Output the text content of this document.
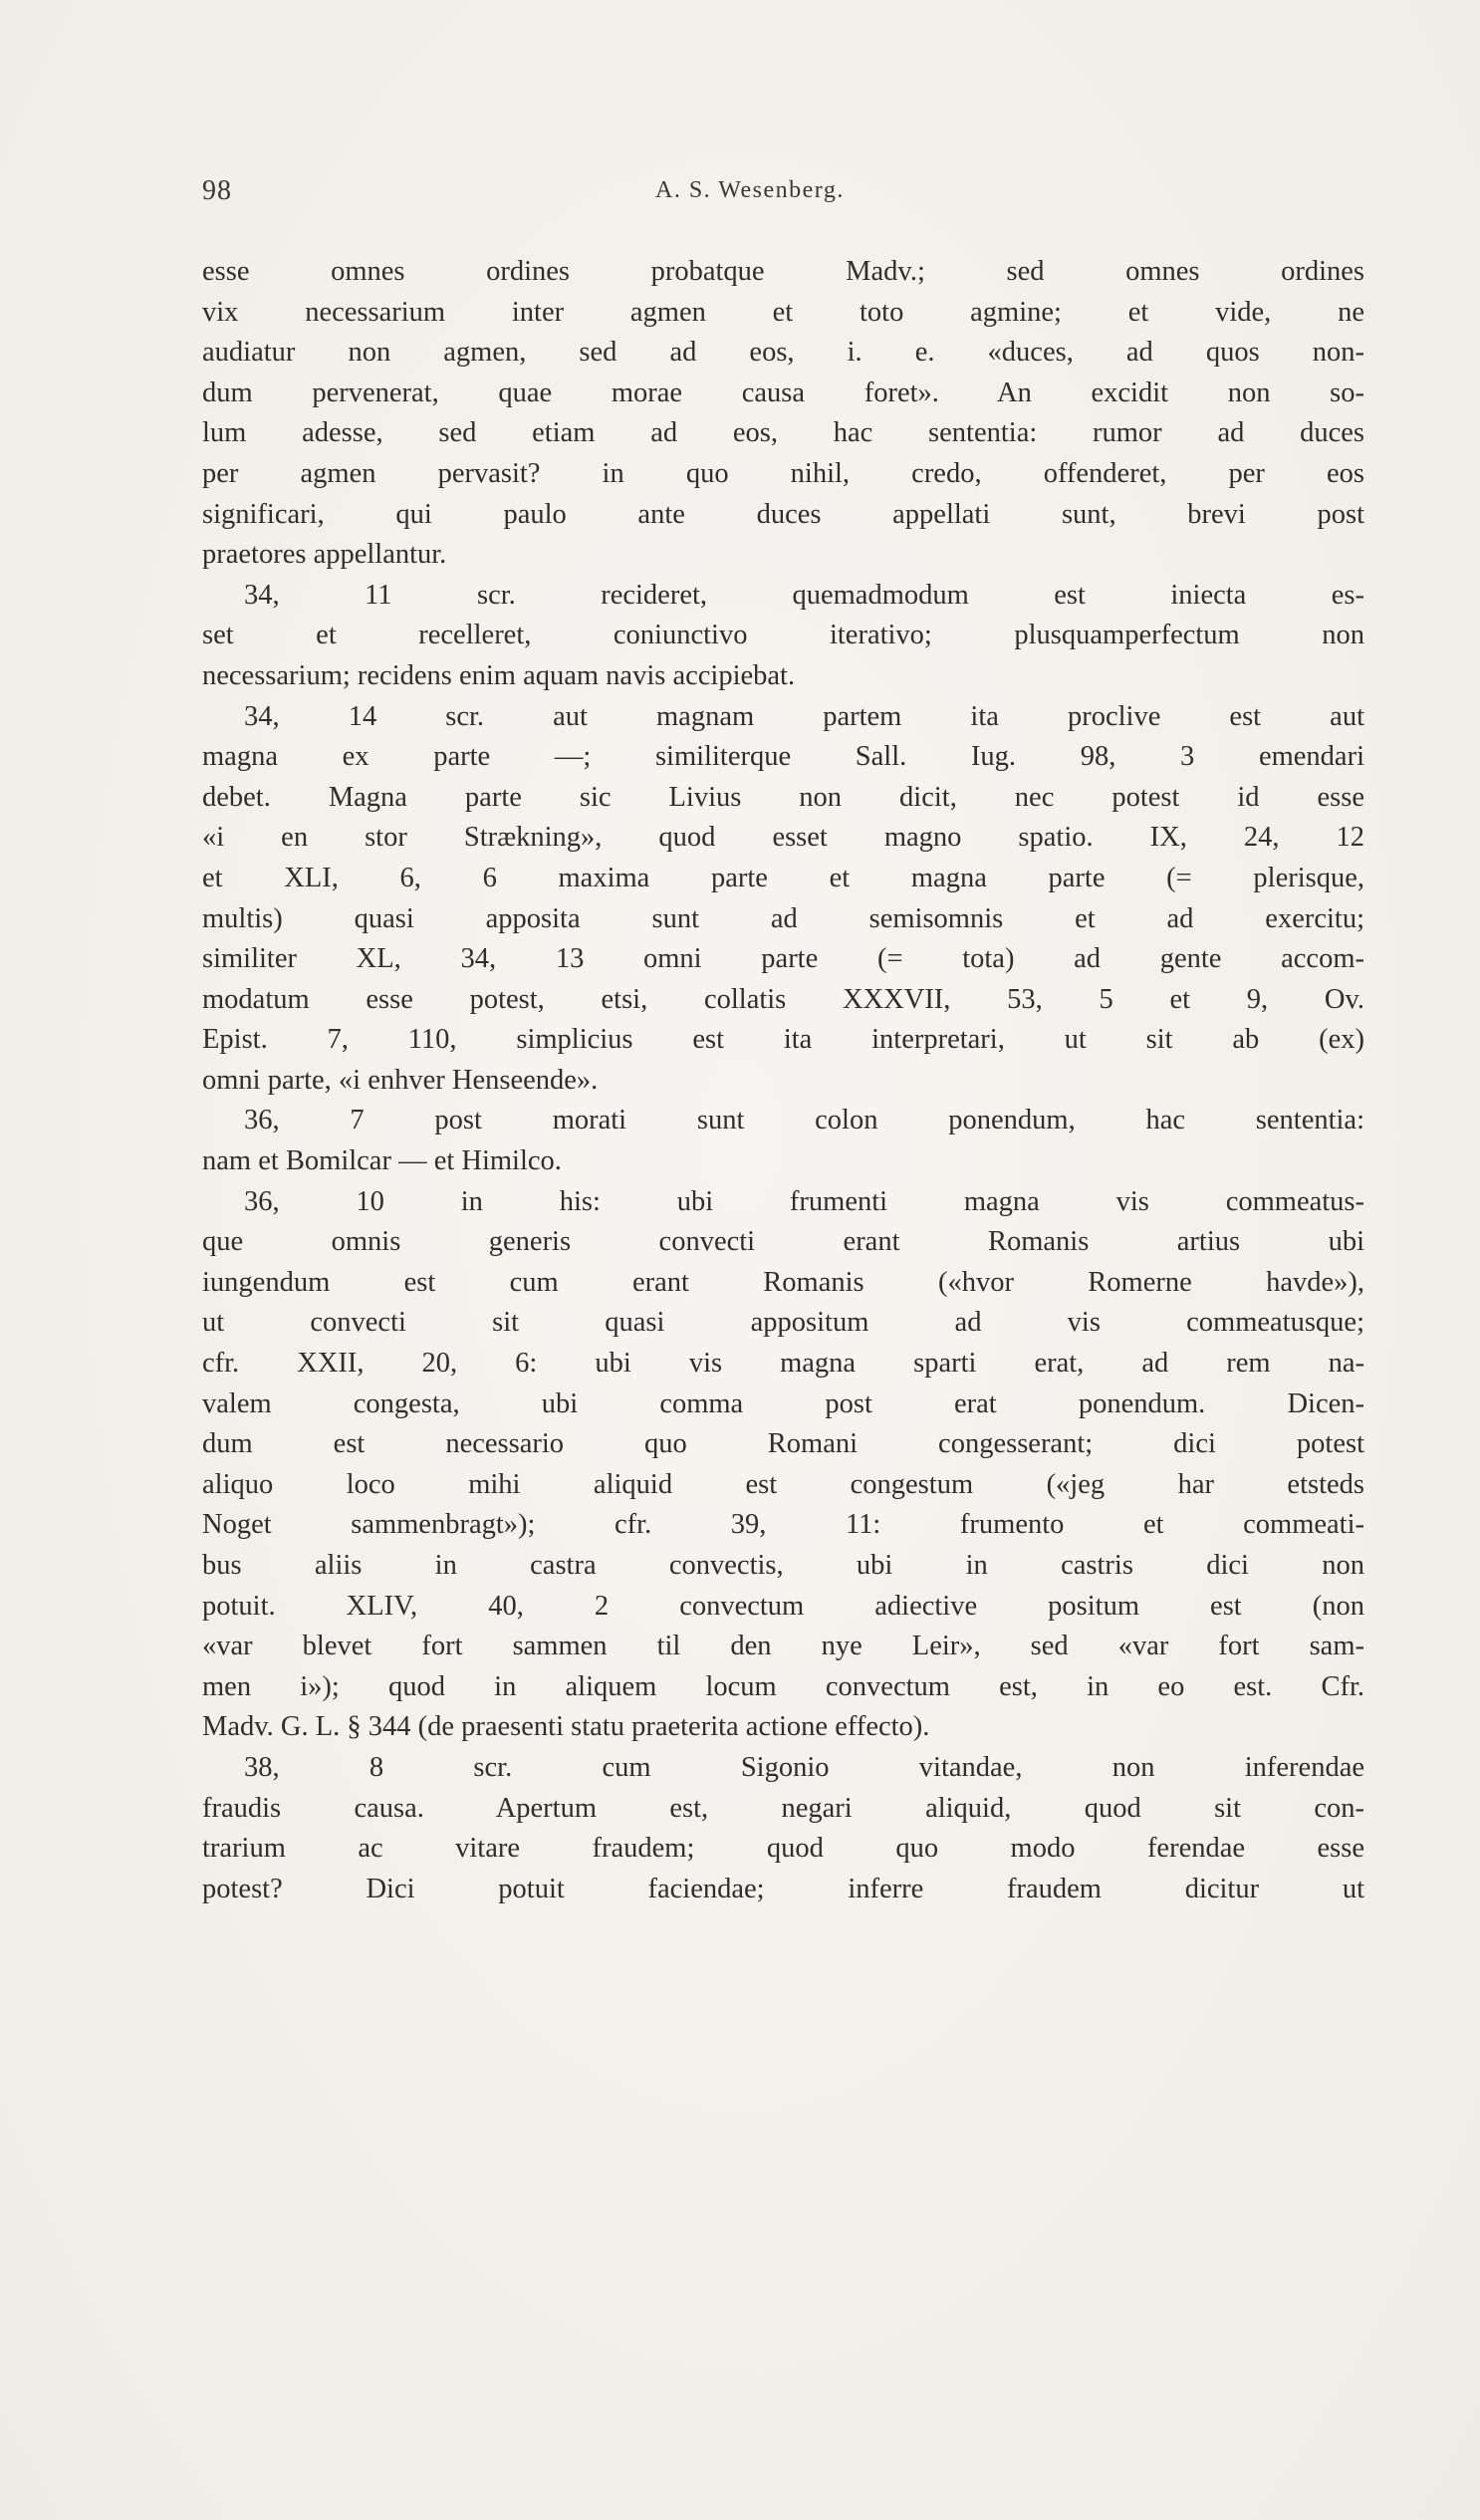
98	A. S. Wesenberg.
esse omnes ordines probatque Madv.; sed omnes ordines
vix necessarium inter agmen et toto agmine; et vide, ne
audiatur non agmen, sed ad eos, i. e. «duces, ad quos non-
dum pervenerat, quae morae causa foret». An excidit non so-
lum adesse, sed etiam ad eos, hac sententia: rumor ad duces
per agmen pervasit? in quo nihil, credo, offenderet, per eos
significari, qui paulo ante duces appellati sunt, brevi post
praetores appellantur.
34, 11 scr. recideret, quemadmodum est iniecta es-
set et recelleret, coniunctivo iterativo; plusquamperfectum non
necessarium; recidens enim aquam navis accipiebat.
34, 14 scr. aut magnam partem ita proclive est aut
magna ex parte —; similiterque Sall. Iug. 98, 3 emendari
debet. Magna parte sic Livius non dicit, nec potest id esse
«i en stor Strækning», quod esset magno spatio. IX, 24, 12
et XLI, 6, 6 maxima parte et magna parte (= plerisque,
multis) quasi apposita sunt ad semisomnis et ad exercitu;
similiter XL, 34, 13 omni parte (= tota) ad gente accom-
modatum esse potest, etsi, collatis XXXVII, 53, 5 et 9, Ov.
Epist. 7, 110, simplicius est ita interpretari, ut sit ab (ex)
omni parte, «i enhver Henseende».
36, 7 post morati sunt colon ponendum, hac sententia:
nam et Bomilcar — et Himilco.
36, 10 in his: ubi frumenti magna vis commeatus-
que omnis generis convecti erant Romanis artius ubi
iungendum est cum erant Romanis («hvor Romerne havde»),
ut convecti sit quasi appositum ad vis commeatusque;
cfr. XXII, 20, 6: ubi vis magna sparti erat, ad rem na-
valem congesta, ubi comma post erat ponendum. Dicen-
dum est necessario quo Romani congesserant; dici potest
aliquo loco mihi aliquid est congestum («jeg har etsteds
Noget sammenbragt»); cfr. 39, 11: frumento et commeati-
bus aliis in castra convectis, ubi in castris dici non
potuit. XLIV, 40, 2 convectum adiective positum est (non
«var blevet fort sammen til den nye Leir», sed «var fort sam-
men i»); quod in aliquem locum convectum est, in eo est. Cfr.
Madv. G. L. § 344 (de praesenti statu praeterita actione effecto).
38, 8 scr. cum Sigonio vitandae, non inferendae
fraudis causa. Apertum est, negari aliquid, quod sit con-
trarium ac vitare fraudem; quod quo modo ferendae esse
potest? Dici potuit faciendae; inferre fraudem dicitur ut
